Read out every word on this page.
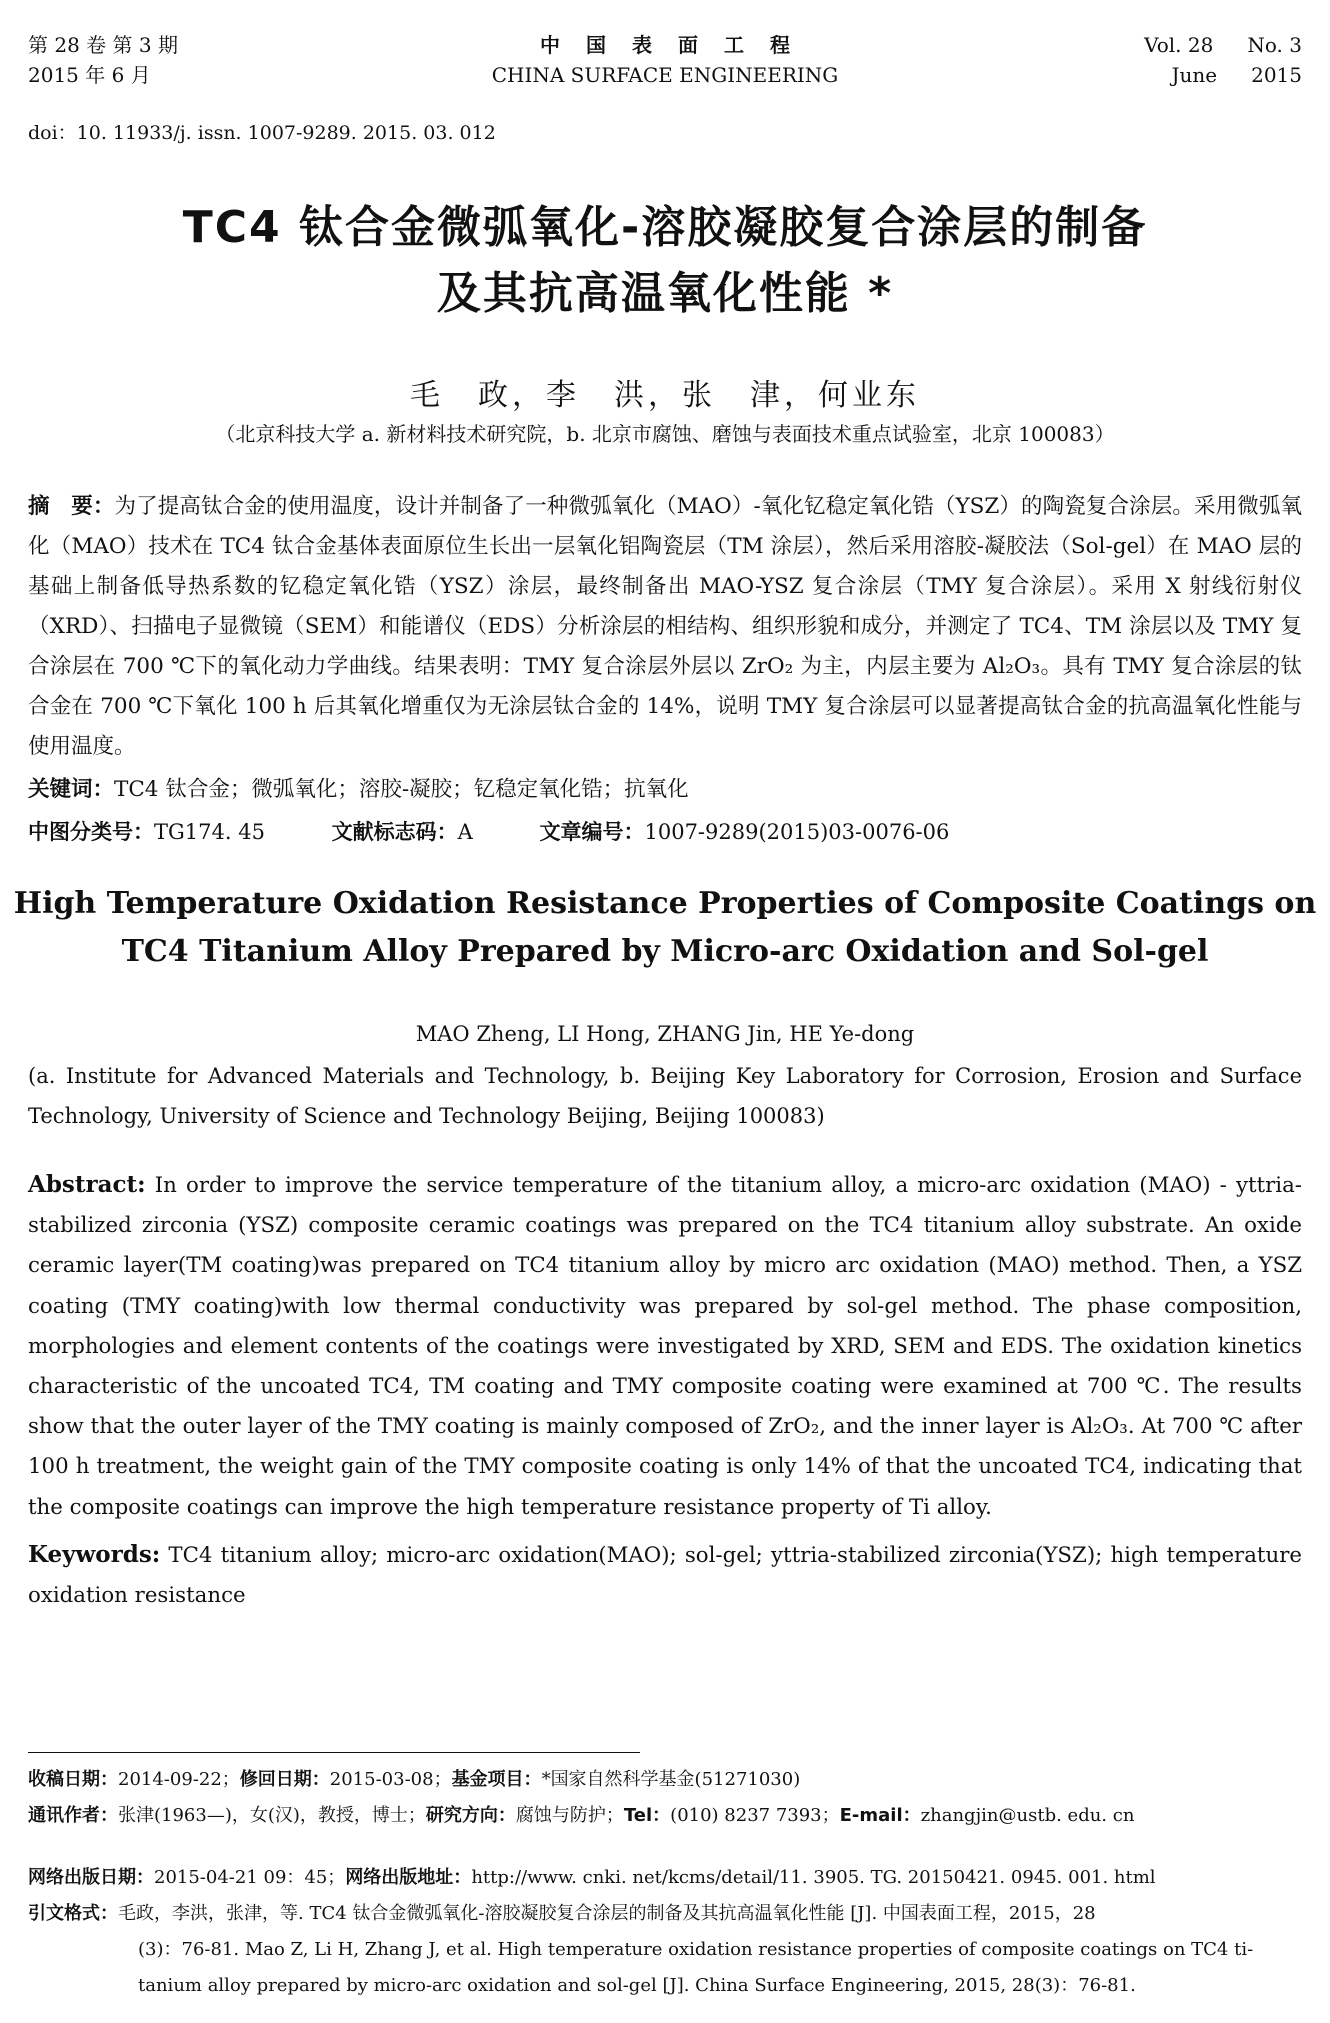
第 28 卷 第 3 期
2015 年 6 月
中国表面工程
CHINA SURFACE ENGINEERING
Vol. 28 No. 3
June 2015
doi：10. 11933/j. issn. 1007-9289. 2015. 03. 012
TC4 钛合金微弧氧化-溶胶凝胶复合涂层的制备
及其抗高温氧化性能 *
毛　政，李　洪，张　津，何业东
（北京科技大学 a. 新材料技术研究院，b. 北京市腐蚀、磨蚀与表面技术重点试验室，北京 100083）
摘　要：为了提高钛合金的使用温度，设计并制备了一种微弧氧化（MAO）-氧化钇稳定氧化锆（YSZ）的陶瓷复合涂层。采用微弧氧化（MAO）技术在 TC4 钛合金基体表面原位生长出一层氧化铝陶瓷层（TM 涂层），然后采用溶胶-凝胶法（Sol-gel）在 MAO 层的基础上制备低导热系数的钇稳定氧化锆（YSZ）涂层，最终制备出 MAO-YSZ 复合涂层（TMY 复合涂层）。采用 X 射线衍射仪（XRD）、扫描电子显微镜（SEM）和能谱仪（EDS）分析涂层的相结构、组织形貌和成分，并测定了 TC4、TM 涂层以及 TMY 复合涂层在 700 ℃下的氧化动力学曲线。结果表明：TMY 复合涂层外层以 ZrO₂ 为主，内层主要为 Al₂O₃。具有 TMY 复合涂层的钛合金在 700 ℃下氧化 100 h 后其氧化增重仅为无涂层钛合金的 14%，说明 TMY 复合涂层可以显著提高钛合金的抗高温氧化性能与使用温度。
关键词：TC4 钛合金；微弧氧化；溶胶-凝胶；钇稳定氧化锆；抗氧化
中图分类号：TG174. 45	文献标志码：A	文章编号：1007-9289(2015)03-0076-06
High Temperature Oxidation Resistance Properties of Composite Coatings on
TC4 Titanium Alloy Prepared by Micro-arc Oxidation and Sol-gel
MAO Zheng, LI Hong, ZHANG Jin, HE Ye-dong
(a. Institute for Advanced Materials and Technology, b. Beijing Key Laboratory for Corrosion, Erosion and Surface Technology, University of Science and Technology Beijing, Beijing 100083)
Abstract: In order to improve the service temperature of the titanium alloy, a micro-arc oxidation (MAO) - yttria-stabilized zirconia (YSZ) composite ceramic coatings was prepared on the TC4 titanium alloy substrate. An oxide ceramic layer(TM coating)was prepared on TC4 titanium alloy by micro arc oxidation (MAO) method. Then, a YSZ coating (TMY coating)with low thermal conductivity was prepared by sol-gel method. The phase composition, morphologies and element contents of the coatings were investigated by XRD, SEM and EDS. The oxidation kinetics characteristic of the uncoated TC4, TM coating and TMY composite coating were examined at 700 ℃. The results show that the outer layer of the TMY coating is mainly composed of ZrO₂, and the inner layer is Al₂O₃. At 700 ℃ after 100 h treatment, the weight gain of the TMY composite coating is only 14% of that the uncoated TC4, indicating that the composite coatings can improve the high temperature resistance property of Ti alloy.
Keywords: TC4 titanium alloy; micro-arc oxidation(MAO); sol-gel; yttria-stabilized zirconia(YSZ); high temperature oxidation resistance
收稿日期：2014-09-22；修回日期：2015-03-08；基金项目：*国家自然科学基金(51271030)
通讯作者：张津(1963—)，女(汉)，教授，博士；研究方向：腐蚀与防护；Tel：(010) 8237 7393；E-mail：zhangjin@ustb. edu. cn
网络出版日期：2015-04-21 09：45；网络出版地址：http://www. cnki. net/kcms/detail/11. 3905. TG. 20150421. 0945. 001. html
引文格式：毛政，李洪，张津，等. TC4 钛合金微弧氧化-溶胶凝胶复合涂层的制备及其抗高温氧化性能 [J]. 中国表面工程，2015，28
(3)：76-81. Mao Z, Li H, Zhang J, et al. High temperature oxidation resistance properties of composite coatings on TC4 ti-
tanium alloy prepared by micro-arc oxidation and sol-gel [J]. China Surface Engineering, 2015, 28(3)：76-81.
